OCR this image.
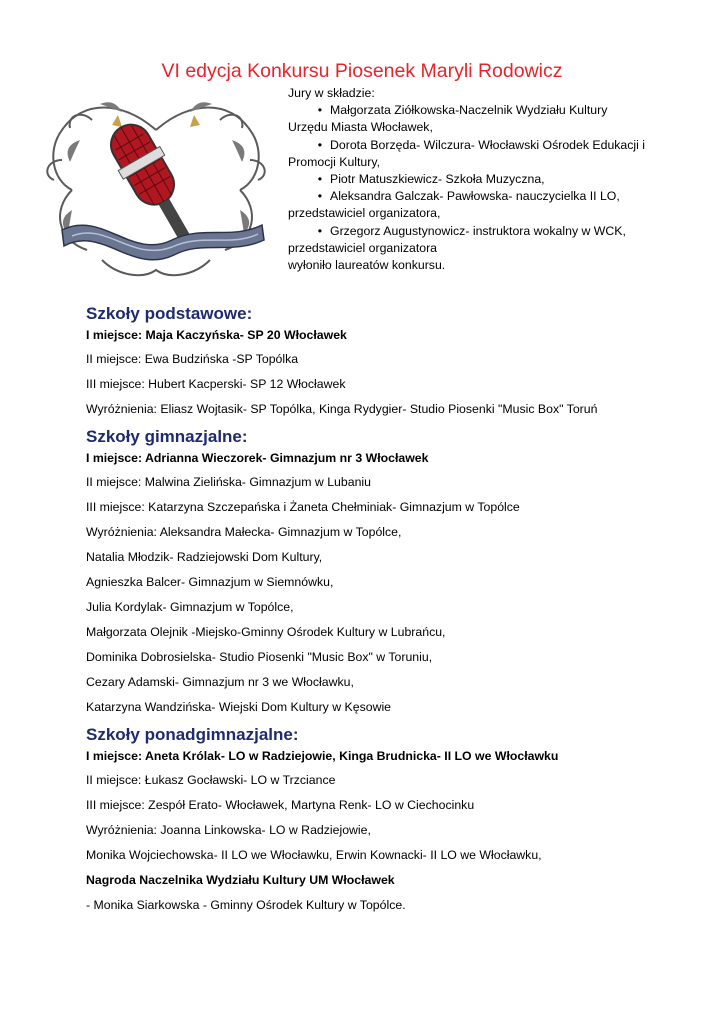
VI edycja Konkursu Piosenek Maryli Rodowicz

Jury w składzie:

• Małgorzata Ziółkowska-Naczelnik Wydziału Kultury
Urzędu Miasta Włocławek,
• Dorota Borzęda- Wilczura- Włocławski Ośrodek Edukacji i
Promocji Kultury,
• Piotr Matuszkiewicz- Szkoła Muzyczna,
• Aleksandra Galczak- Pawłowska- nauczycielka II LO,
przedstawiciel organizatora,
• Grzegorz Augustynowicz- instruktora wokalny w WCK,
przedstawiciel organizatora

wyłoniło laureatów konkursu.

Szkoły podstawowe:
I miejsce: Maja Kaczyńska- SP 20 Włocławek
II miejsce: Ewa Budzińska -SP Topólka
III miejsce: Hubert Kacperski- SP 12 Włocławek
Wyróżnienia: Eliasz Wojtasik- SP Topólka, Kinga Rydygier- Studio Piosenki "Music Box" Toruń
Szkoły gimnazjalne:
I miejsce: Adrianna Wieczorek- Gimnazjum nr 3 Włocławek
II miejsce: Malwina Zielińska- Gimnazjum w Lubaniu
III miejsce: Katarzyna Szczepańska i Żaneta Chełminiak- Gimnazjum w Topólce
Wyróżnienia: Aleksandra Małecka- Gimnazjum w Topólce,
Natalia Młodzik- Radziejowski Dom Kultury,
Agnieszka Balcer- Gimnazjum w Siemnówku,
Julia Kordylak- Gimnazjum w Topólce,
Małgorzata Olejnik -Miejsko-Gminny Ośrodek Kultury w Lubrańcu,
Dominika Dobrosielska- Studio Piosenki "Music Box" w Toruniu,
Cezary Adamski- Gimnazjum nr 3 we Włocławku,
Katarzyna Wandzińska- Wiejski Dom Kultury w Kęsowie
Szkoły ponadgimnazjalne:
I miejsce: Aneta Królak- LO w Radziejowie, Kinga Brudnicka- II LO we Włocławku
II miejsce: Łukasz Gocławski- LO w Trzciance
III miejsce: Zespół Erato- Włocławek, Martyna Renk- LO w Ciechocinku
Wyróżnienia: Joanna Linkowska- LO w Radziejowie,
Monika Wojciechowska- II LO we Włocławku, Erwin Kownacki- II LO we Włocławku,
Nagroda Naczelnika Wydziału Kultury UM Włocławek
- Monika Siarkowska - Gminny Ośrodek Kultury w Topólce.
